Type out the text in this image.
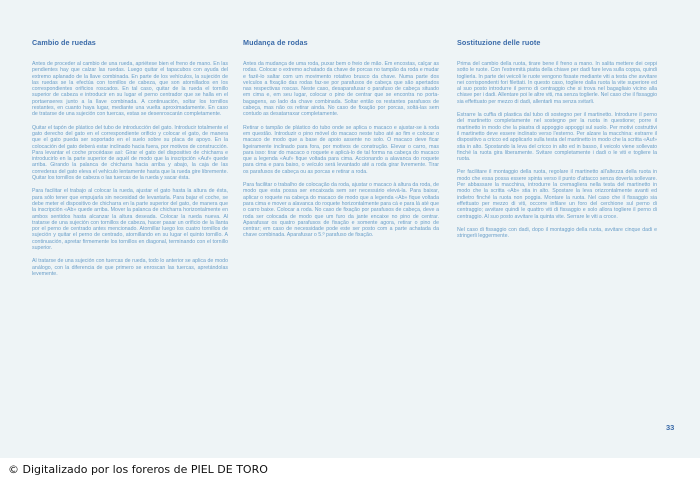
Cambio de ruedas

Antes de proceder al cambio de una rueda, apriétese bien el freno de mano. En las pendientes hay que calzar las ruedas. Luego quitar el tapacubos con ayuda del extremo aplanado de la llave combinada. En parte de los vehículos, la sujeción de las ruedas se la efectúa con tornillos de cabeza, que son atornillados en los correspondientes orificios roscados. En tal caso, quitar de la rueda el tornillo superior de cabeza e introducir en su lugar el perno centrador que se halla en el portaenseres junto a la llave combinada. A continuación, soltar los tornillos restantes, en cuanto haya lugar, mediante una vuelta aproximadamente. En caso de tratarse de una sujeción con tuercas, estas se desenroscarán completamente.

Quitar el tapón de plástico del tubo de introducción del gato. Introducir totalmente el gato derecho del gato en el correspondiente orificio y colocar el gato, de manera que el gato pueda ser soportado en el suelo sobre su placa de apoyo. En la colocación del gato deberá estar inclinado hacia fuera, por motivos de construcción. Para levantar el coche procédase así: Girar el gato del dispositivo de chicharra e introducirlo en la parte superior de aquél de modo que la inscripción «Auf» quede arriba. Girando la palanca de chicharra hacia arriba y abajo, la caja de las correderas del gato eleva el vehículo lentamente hasta que la rueda gire libremente. Quitar los tornillos de cabeza o las tuercas de la rueda y sacar ésta.

Para facilitar el trabajo al colocar la rueda, ajustar el gato hasta la altura de ésta, para sólo tener que empujarla sin necesidad de levantarla. Para bajar el coche, se debe meter el dispositivo de chicharra en la parte superior del gato, de manera que la inscripción «Ab» quede arriba. Mover la palanca de chicharra horizontalmente en ambos sentidos hasta alcanzar la altura deseada. Colocar la rueda nueva. Al tratarse de una sujeción con tornillos de cabeza, hacer pasar un orificio de la llanta por el perno de centrado antes mencionado. Atornillar luego los cuatro tornillos de sujeción y quitar el perno de centrado, atornillando en su lugar el quinto tornillo. A continuación, apretar firmemente los tornillos en diagonal, terminando con el tornillo superior.

Al tratarse de una sujeción con tuercas de rueda, todo lo anterior se aplica de modo análogo, con la diferencia de que primero se enroscan las tuercas, apretándolas levemente.

Mudança de rodas

Antes da mudança de uma roda, puxar bem o freio de mão. Em encostas, calçar as rodas. Colocar o extremo achatado da chave de porcas no tampão da roda e mudar e fazê-lo saltar com um movimento rotativo brusco da chave. Numa parte dos veículos a fixação das rodas faz-se por parafusos de cabeça que são apertados nas respectivas roscas. Neste caso, desaparafusar o parafuso de cabeça situado em cima e, em seu lugar, colocar o pino de centrar que se encontra no porta-bagagens, ao lado da chave combinada. Soltar então os restantes parafusos de cabeça, mas não os retirar ainda. No caso de fixação por porcas, soltá-las sem contudo as desatarraxar completamente.

Retirar o tampão de plástico do tubo onde se aplica o macaco e ajustar-se à roda em questão. Introduzir o pino móvel do macaco neste tubo até ao fim e colocar o macaco de modo que a base de apoio assente no solo. O macaco deve ficar ligeiramente inclinado para fora, por motivos de construção. Elevar o carro, mas para isso: tirar do macaco o roquete e aplicá-lo de tal forma na cabeça do macaco que a legenda «Auf» fique voltada para cima. Accionando a alavanca do roquete para cima e para baixo, o veículo será levantado até a roda girar livremente. Tirar os parafusos de cabeça ou as porcas e retirar a roda.

Para facilitar o trabalho de colocação da roda, ajustar o macaco à altura da roda, de modo que esta possa ser encaixada sem ser necessário elevá-la. Para baixar, aplicar o roquete na cabeça do macaco de modo que a legenda «Ab» fique voltada para cima e mover a alavanca do roquete horizontalmente para cá e para lá até que o carro baixe. Colocar a roda. No caso de fixação por parafusos de cabeça, deve a roda ser colocada de modo que um furo da jante encaixe no pino de centrar. Aparafusar os quatro parafusos de fixação e somente agora, retirar o pino de centrar; em caso de necessidade pode este ser posto com a parte achatada da chave combinada. Aparafusar o 5.º parafuso de fixação.

Sostituzione delle ruote

Prima del cambio della ruota, tirare bene il freno a mano. In salita mettere dei ceppi sotto le ruote. Con l'estremità piatta della chiave per dadi fare leva sulla coppa, quindi toglierla. In parte dei veicoli le ruote vengono fissate mediante viti a testa che avvitare nei corrispondenti fori filettati. In questo caso, togliere dalla ruota la vite superiore ed al suo posto introdurre il perno di centraggio che si trova nel bagagliaio vicino alla chiave per i dadi. Allentare poi le altre viti, ma senza toglierle. Nel caso che il fissaggio sia effettuato per mezzo di dadi, allentarli ma senza svitarli.

Estrarre la cuffia di plastica dal tubo di sostegno per il martinetto. Introdurre il perno del martinetto completamente nel sostegno per la ruota in questione; porre il martinetto in modo che la piastra di appoggio appoggi sul suolo. Per motivi costruttivi il martinetto deve essere inclinato verso l'esterno. Per alzare la macchina: estrarre il dispositivo a cricco ed applicarlo sulla testa del martinetto in modo che la scritta «Auf» stia in alto. Spostando la leva del cricco in alto ed in basso, il veicolo viene sollevato finché la ruota gira liberamente. Svitare completamente i dadi o le viti e togliere la ruota.

Per facilitare il montaggio della ruota, regolare il martinetto all'altezza della ruota in modo che essa possa essere spinta verso il punto d'attacco senza doverla sollevare. Per abbassare la macchina, introdurre la cremagliera nella testa del martinetto in modo che la scritta «Ab» stia in alto. Spostare la leva orizzontalmente avanti ed indietro finché la ruota non poggia. Montare la ruota. Nel caso che il fissaggio sia effettuato per mezzo di viti, occorre infilare un foro del cerchione sul perno di centraggio; avvitare quindi le quattro viti di fissaggio e solo allora togliere il perno di centraggio. Al suo posto avvitare la quinta vite. Serrare le viti a croce.

Nel caso di fissaggio con dadi, dopo il montaggio della ruota, avvitare cinque dadi e stringerli leggermente.

33
© Digitalizado por los foreros de PIEL DE TORO
